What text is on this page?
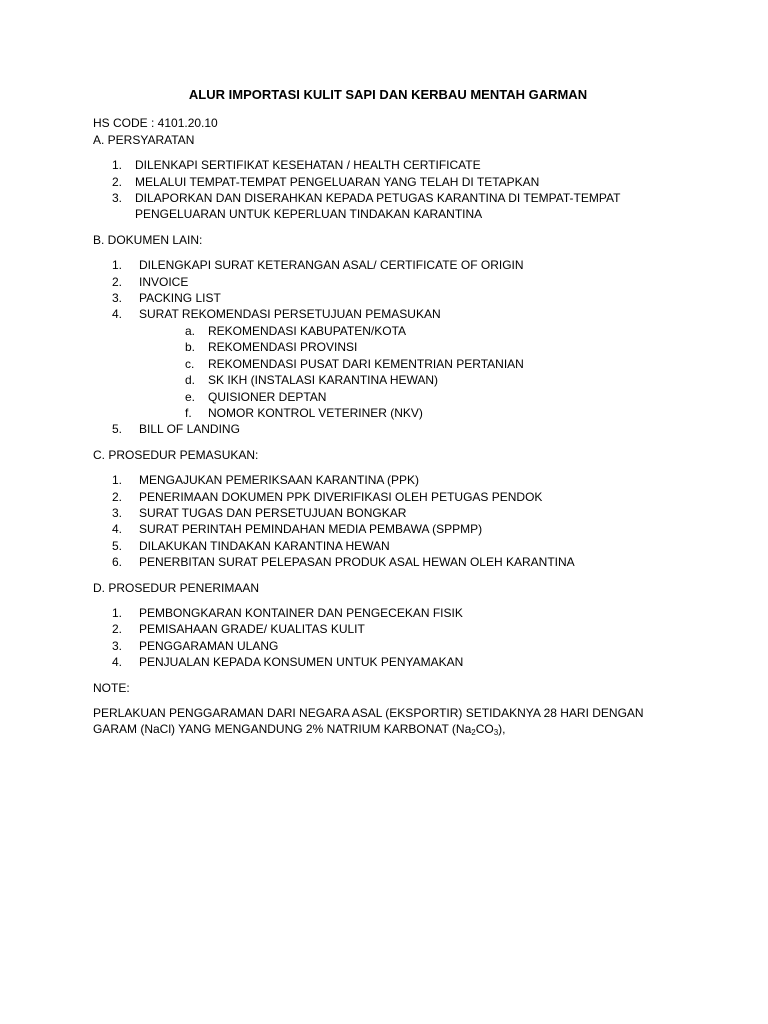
ALUR IMPORTASI KULIT SAPI DAN KERBAU MENTAH GARMAN

HS CODE : 4101.20.10

A. PERSYARATAN

1.	DILENKAPI SERTIFIKAT KESEHATAN / HEALTH CERTIFICATE
2.	MELALUI TEMPAT-TEMPAT PENGELUARAN YANG TELAH DI TETAPKAN
3.	DILAPORKAN DAN DISERAHKAN KEPADA PETUGAS KARANTINA DI TEMPAT-TEMPAT PENGELUARAN UNTUK KEPERLUAN TINDAKAN KARANTINA

B. DOKUMEN LAIN:

1.	DILENGKAPI SURAT KETERANGAN ASAL/ CERTIFICATE OF ORIGIN
2.	INVOICE
3.	PACKING LIST
4.	SURAT REKOMENDASI PERSETUJUAN PEMASUKAN
a. REKOMENDASI KABUPATEN/KOTA
b. REKOMENDASI PROVINSI
c. REKOMENDASI PUSAT DARI KEMENTRIAN PERTANIAN
d. SK IKH (INSTALASI KARANTINA HEWAN)
e. QUISIONER DEPTAN
f. NOMOR KONTROL VETERINER (NKV)
5.	BILL OF LANDING

C. PROSEDUR PEMASUKAN:

1.	MENGAJUKAN PEMERIKSAAN KARANTINA (PPK)
2.	PENERIMAAN DOKUMEN PPK DIVERIFIKASI OLEH PETUGAS PENDOK
3.	SURAT TUGAS DAN PERSETUJUAN BONGKAR
4.	SURAT PERINTAH PEMINDAHAN MEDIA PEMBAWA (SPPMP)
5.	DILAKUKAN TINDAKAN KARANTINA HEWAN
6.	PENERBITAN SURAT PELEPASAN PRODUK ASAL HEWAN OLEH KARANTINA

D. PROSEDUR PENERIMAAN

1.	PEMBONGKARAN KONTAINER DAN PENGECEKAN FISIK
2.	PEMISAHAAN GRADE/ KUALITAS KULIT
3.	PENGGARAMAN ULANG
4.	PENJUALAN KEPADA KONSUMEN UNTUK PENYAMAKAN

NOTE:

PERLAKUAN PENGGARAMAN DARI NEGARA ASAL (EKSPORTIR) SETIDAKNYA 28 HARI DENGAN GARAM (NaCl) YANG MENGANDUNG 2% NATRIUM KARBONAT $(Na_2CO_3)$,
